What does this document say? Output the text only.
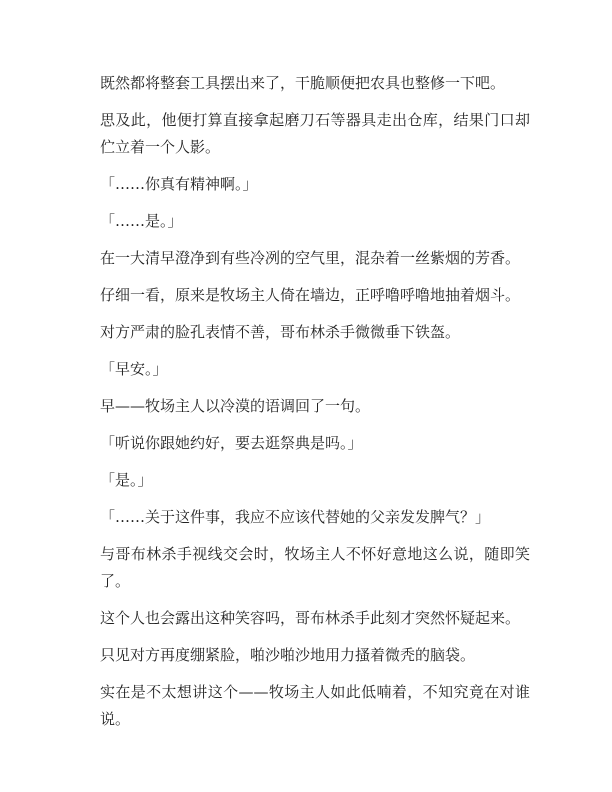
既然都将整套工具摆出来了，干脆顺便把农具也整修一下吧。

思及此，他便打算直接拿起磨刀石等器具走出仓库，结果门口却伫立着一个人影。

「……你真有精神啊。」

「……是。」

在一大清早澄净到有些冷冽的空气里，混杂着一丝紫烟的芳香。

仔细一看，原来是牧场主人倚在墙边，正呼噜呼噜地抽着烟斗。

对方严肃的脸孔表情不善，哥布林杀手微微垂下铁盔。

「早安。」

早——牧场主人以冷漠的语调回了一句。

「听说你跟她约好，要去逛祭典是吗。」

「是。」

「……关于这件事，我应不应该代替她的父亲发发脾气？」

与哥布林杀手视线交会时，牧场主人不怀好意地这么说，随即笑了。

这个人也会露出这种笑容吗，哥布林杀手此刻才突然怀疑起来。

只见对方再度绷紧脸，啪沙啪沙地用力搔着微秃的脑袋。

实在是不太想讲这个——牧场主人如此低喃着，不知究竟在对谁说。
